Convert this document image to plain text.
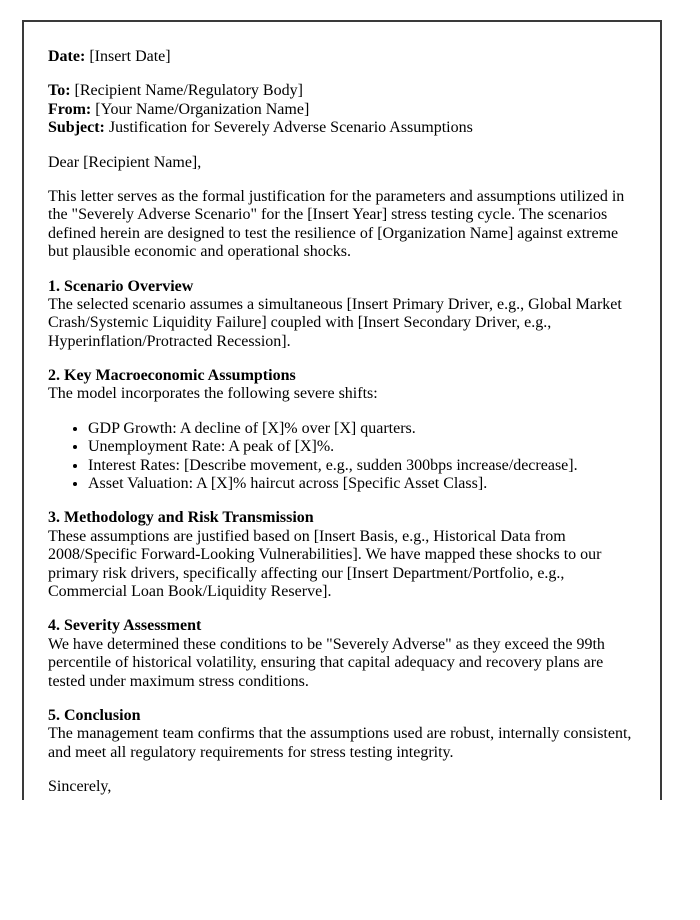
Date: [Insert Date]

To: [Recipient Name/Regulatory Body]
From: [Your Name/Organization Name]
Subject: Justification for Severely Adverse Scenario Assumptions

Dear [Recipient Name],

This letter serves as the formal justification for the parameters and assumptions utilized in the "Severely Adverse Scenario" for the [Insert Year] stress testing cycle. The scenarios defined herein are designed to test the resilience of [Organization Name] against extreme but plausible economic and operational shocks.

1. Scenario Overview
The selected scenario assumes a simultaneous [Insert Primary Driver, e.g., Global Market Crash/Systemic Liquidity Failure] coupled with [Insert Secondary Driver, e.g., Hyperinflation/Protracted Recession].

2. Key Macroeconomic Assumptions
The model incorporates the following severe shifts:

• GDP Growth: A decline of [X]% over [X] quarters.
• Unemployment Rate: A peak of [X]%.
• Interest Rates: [Describe movement, e.g., sudden 300bps increase/decrease].
• Asset Valuation: A [X]% haircut across [Specific Asset Class].

3. Methodology and Risk Transmission
These assumptions are justified based on [Insert Basis, e.g., Historical Data from 2008/Specific Forward-Looking Vulnerabilities]. We have mapped these shocks to our primary risk drivers, specifically affecting our [Insert Department/Portfolio, e.g., Commercial Loan Book/Liquidity Reserve].

4. Severity Assessment
We have determined these conditions to be "Severely Adverse" as they exceed the 99th percentile of historical volatility, ensuring that capital adequacy and recovery plans are tested under maximum stress conditions.

5. Conclusion
The management team confirms that the assumptions used are robust, internally consistent, and meet all regulatory requirements for stress testing integrity.

Sincerely,
